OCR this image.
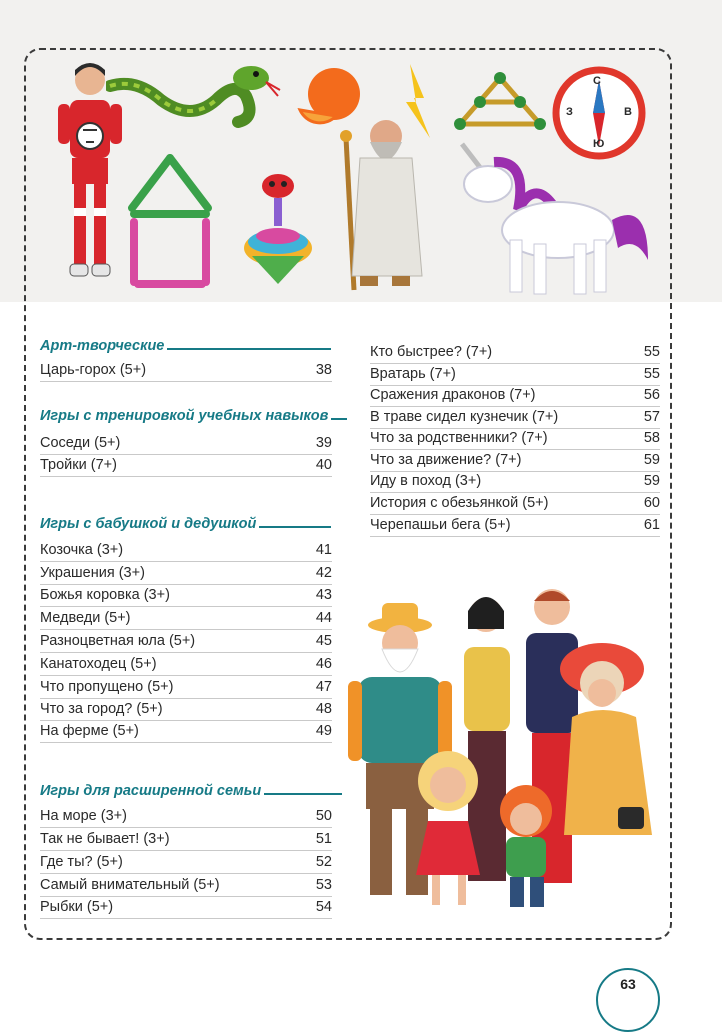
С
З	В
Ю
Арт-творческие
Царь-горох (5+)	38
Игры с тренировкой учебных навыков
Соседи (5+)	39
Тройки (7+)	40
Игры с бабушкой и дедушкой
Козочка (3+)	41
Украшения (3+)	42
Божья коровка (3+)	43
Медведи (5+)	44
Разноцветная юла (5+)	45
Канатоходец (5+)	46
Что пропущено (5+)	47
Что за город? (5+)	48
На ферме (5+)	49
Игры для расширенной семьи
На море (3+)	50
Так не бывает! (3+)	51
Где ты? (5+)	52
Самый внимательный (5+)	53
Рыбки (5+)	54
Кто быстрее? (7+)	55
Вратарь (7+)	55
Сражения драконов (7+)	56
В траве сидел кузнечик (7+)	57
Что за родственники? (7+)	58
Что за движение? (7+)	59
Иду в поход (3+)	59
История с обезьянкой (5+)	60
Черепашьи бега (5+)	61
63
